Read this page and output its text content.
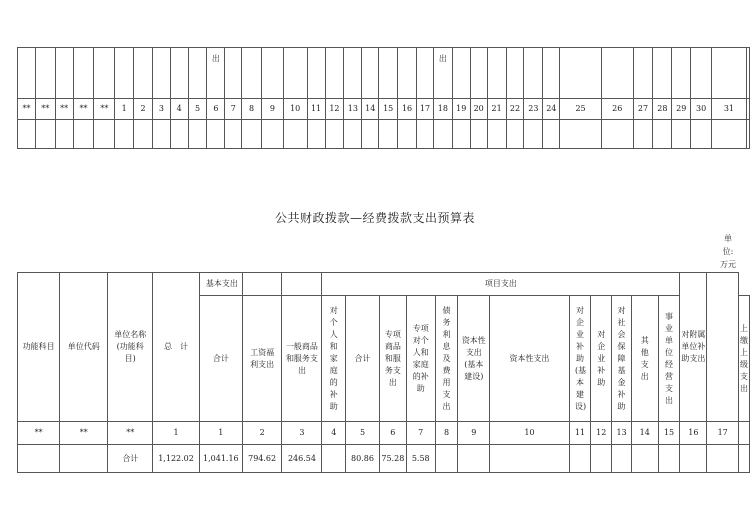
										出												出														
**	**	**	**	**	1	2	3	4	5	6	7	8	9	10	11	12	13	14	15	16	17	18	19	20	21	22	23	24	25	26	27	28	29	30	31	

公共财政拨款—经费拨款支出预算表
单
位:
万元
功能科目	单位代码	单位名称(功能科目)	总　计	基本支出			项目支出												对附属单位补助支出		
				合计	工资福利支出	一般商品和服务支出	对个人和家庭的补助	合计	专项商品和服务支出	专项对个人和家庭的补助	债务利息及费用支出	资本性支出(基本建设)	资本性支出	对企业补助(基本建设)	对企业补助	对社会保障基金补助	其他支出	事业单位经营支出			上缴上级支出
**	**	**	1	1	2	3	4	5	6	7	8	9	10	11	12	13	14	15	16	17	
		合计	1,122.02	1,041.16	794.62	246.54		80.86	75.28	5.58											
